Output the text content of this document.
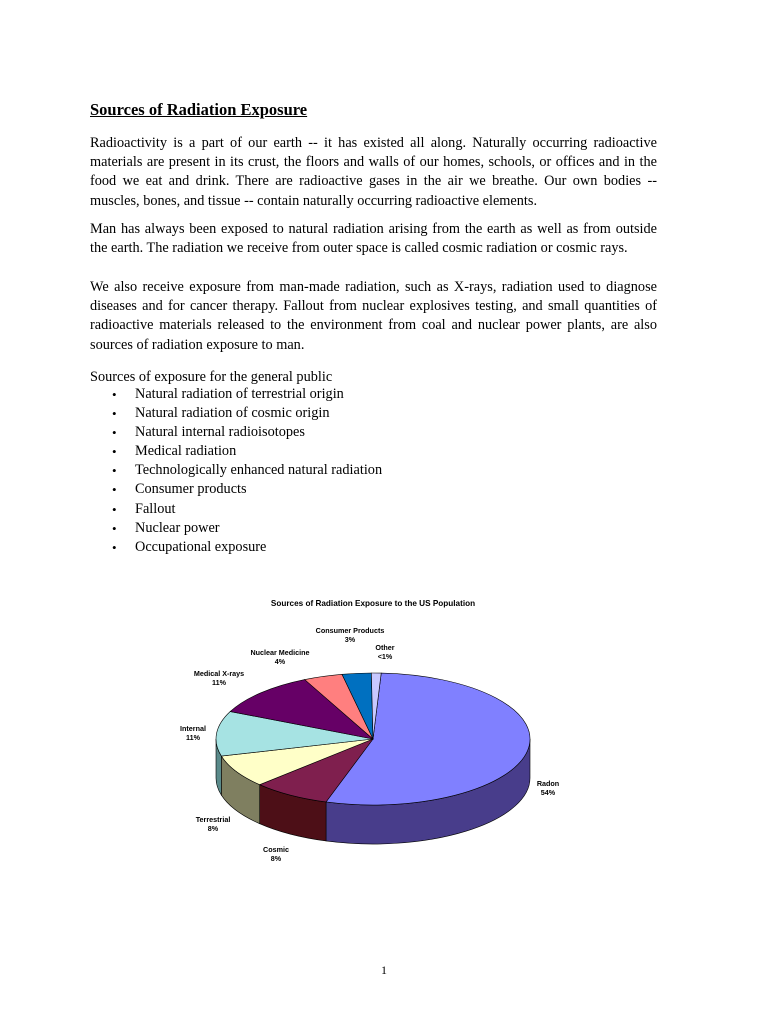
Sources of Radiation Exposure

Radioactivity is a part of our earth -- it has existed all along. Naturally occurring radioactive materials are present in its crust, the floors and walls of our homes, schools, or offices and in the food we eat and drink. There are radioactive gases in the air we breathe. Our own bodies -- muscles, bones, and tissue -- contain naturally occurring radioactive elements.

Man has always been exposed to natural radiation arising from the earth as well as from outside the earth. The radiation we receive from outer space is called cosmic radiation or cosmic rays.

We also receive exposure from man-made radiation, such as X-rays, radiation used to diagnose diseases and for cancer therapy. Fallout from nuclear explosives testing, and small quantities of radioactive materials released to the environment from coal and nuclear power plants, are also sources of radiation exposure to man.

Sources of exposure for the general public

• Natural radiation of terrestrial origin
• Natural radiation of cosmic origin
• Natural internal radioisotopes
• Medical radiation
• Technologically enhanced natural radiation
• Consumer products
• Fallout
• Nuclear power
• Occupational exposure
Sources of Radiation Exposure to the US Population
Radon
54%
Cosmic
8%
Terrestrial
8%
Internal
11%
Medical X-rays
11%
Nuclear Medicine
4%
Consumer Products
3%
Other
<1%
1
